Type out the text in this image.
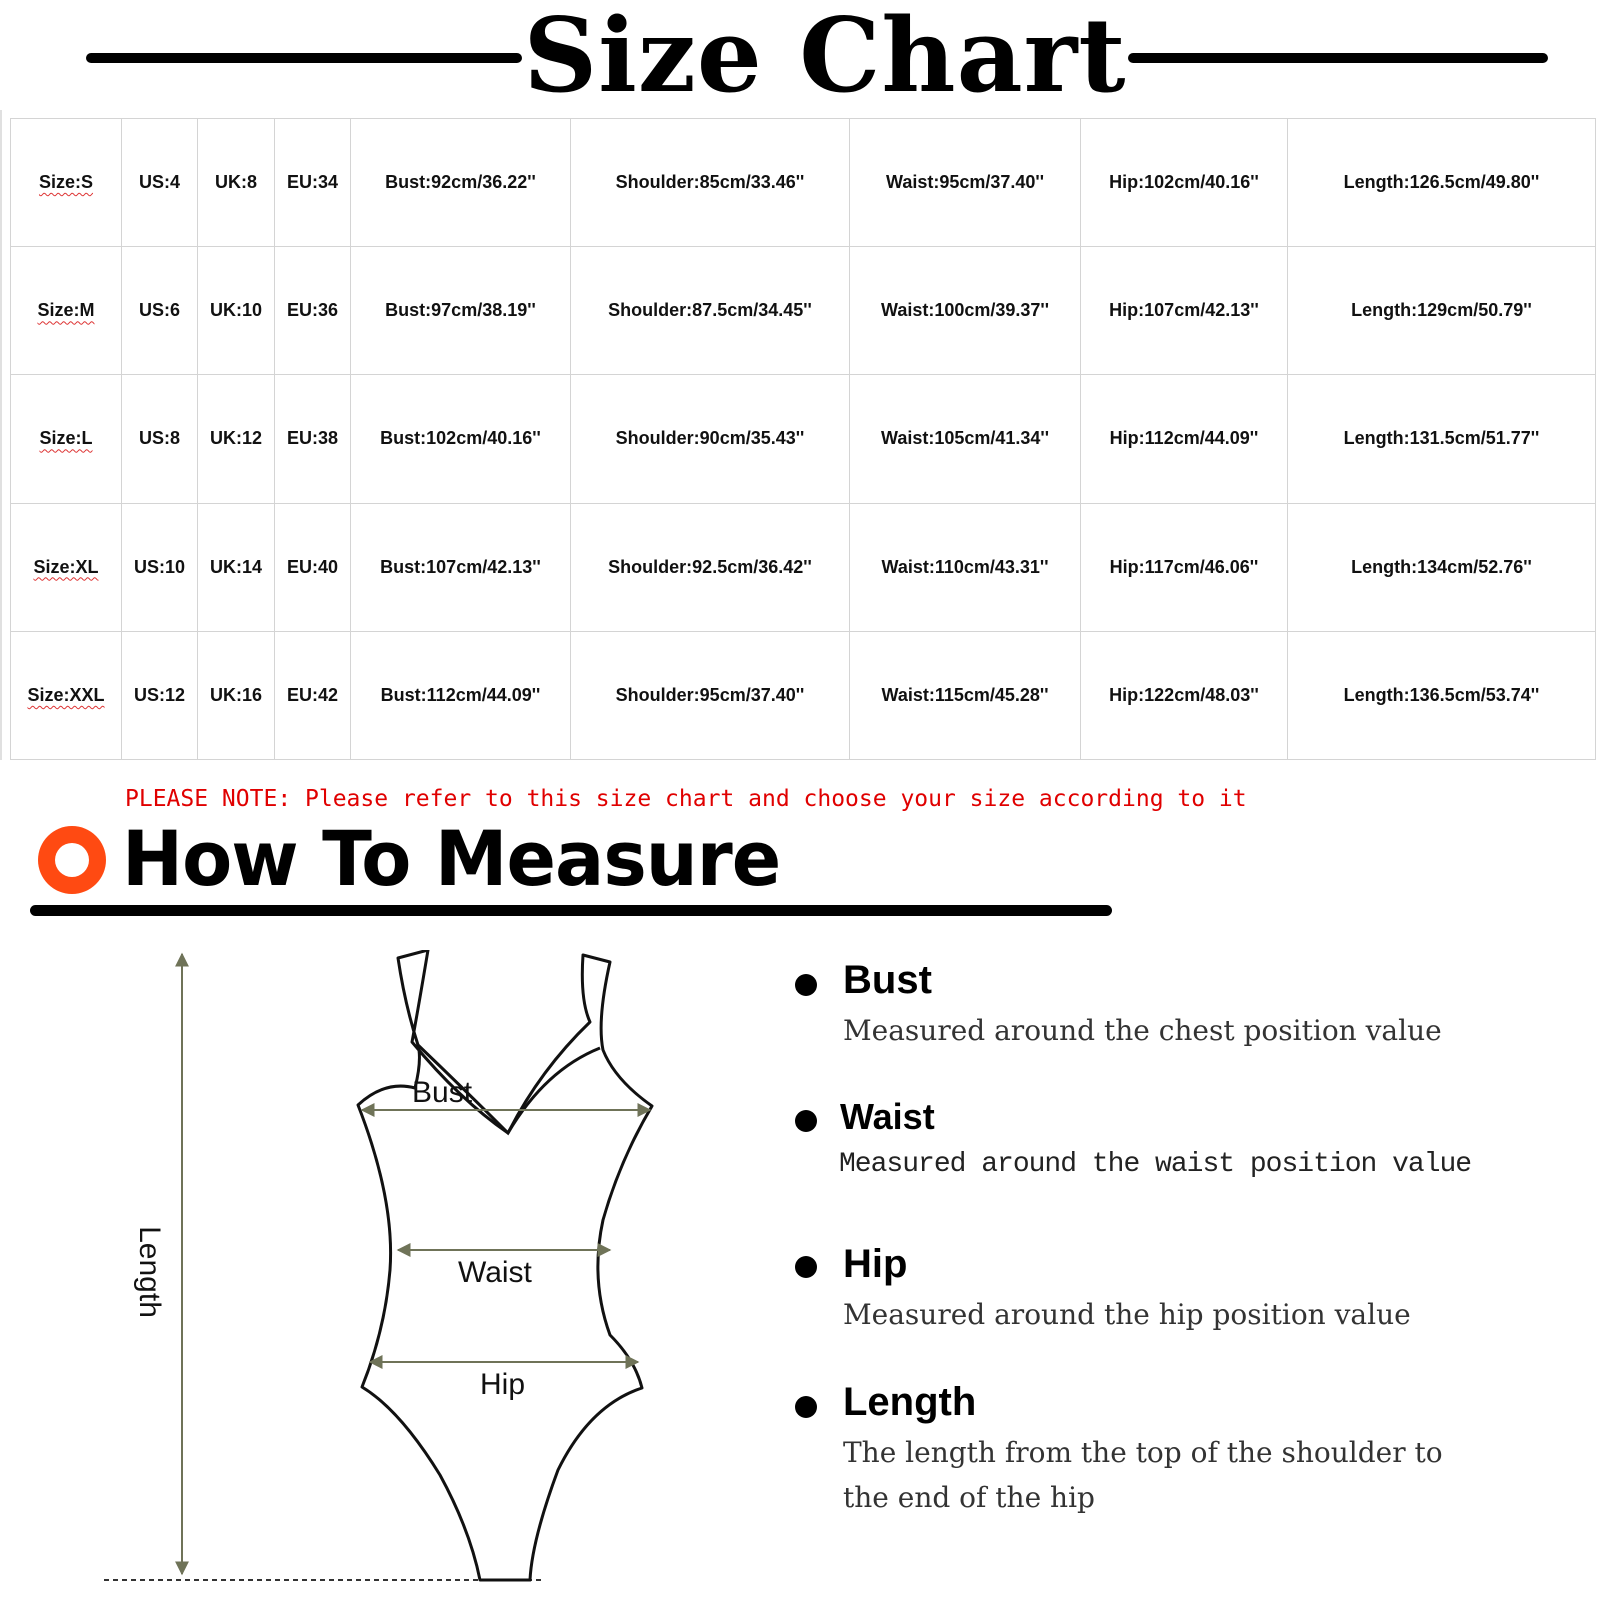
Size Chart
Size:S	US:4	UK:8	EU:34	Bust:92cm/36.22''	Shoulder:85cm/33.46''	Waist:95cm/37.40''	Hip:102cm/40.16''	Length:126.5cm/49.80''
Size:M	US:6	UK:10	EU:36	Bust:97cm/38.19''	Shoulder:87.5cm/34.45''	Waist:100cm/39.37''	Hip:107cm/42.13''	Length:129cm/50.79''
Size:L	US:8	UK:12	EU:38	Bust:102cm/40.16''	Shoulder:90cm/35.43''	Waist:105cm/41.34''	Hip:112cm/44.09''	Length:131.5cm/51.77''
Size:XL	US:10	UK:14	EU:40	Bust:107cm/42.13''	Shoulder:92.5cm/36.42''	Waist:110cm/43.31''	Hip:117cm/46.06''	Length:134cm/52.76''
Size:XXL	US:12	UK:16	EU:42	Bust:112cm/44.09''	Shoulder:95cm/37.40''	Waist:115cm/45.28''	Hip:122cm/48.03''	Length:136.5cm/53.74''
PLEASE NOTE: Please refer to this size chart and choose your size according to it
How To Measure
Bust
Waist
Hip
Length
Bust
Measured around the chest position value
Waist
Measured around the waist position value
Hip
Measured around the hip position value
Length
The length from the top of the shoulder to the end of the hip
